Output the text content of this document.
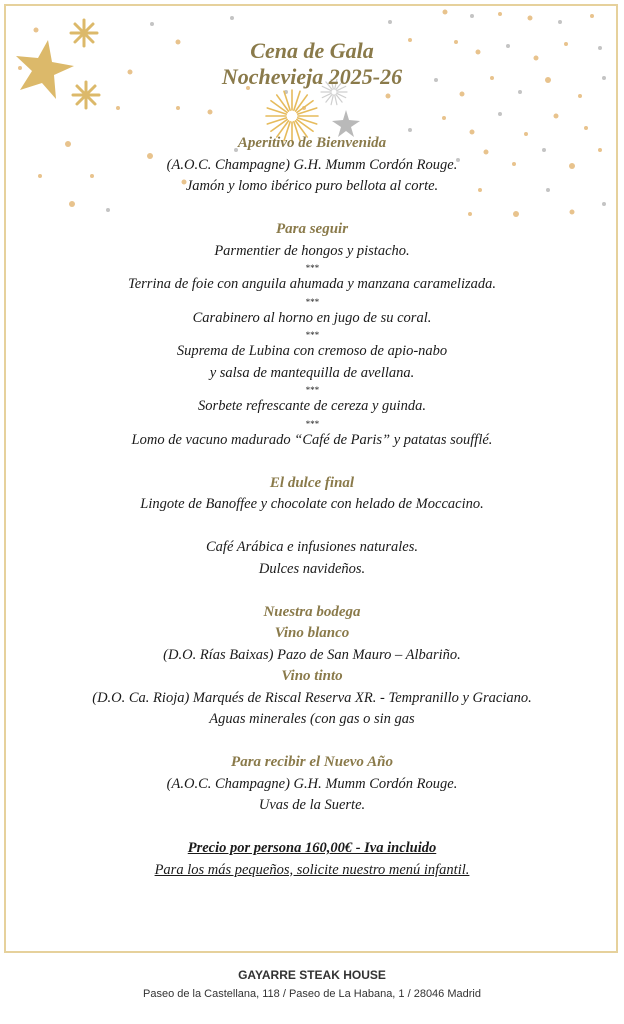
Cena de Gala
Nochevieja 2025-26
Aperitivo de Bienvenida
(A.O.C. Champagne) G.H. Mumm Cordón Rouge.
Jamón y lomo ibérico puro bellota al corte.
Para seguir
Parmentier de hongos y pistacho.
***
Terrina de foie con anguila ahumada y manzana caramelizada.
***
Carabinero al horno en jugo de su coral.
***
Suprema de Lubina con cremoso de apio-nabo
y salsa de mantequilla de avellana.
***
Sorbete refrescante de cereza y guinda.
***
Lomo de vacuno madurado “Café de Paris” y patatas soufflé.
El dulce final
Lingote de Banoffee y chocolate con helado de Moccacino.
Café Arábica e infusiones naturales.
Dulces navideños.
Nuestra bodega
Vino blanco
(D.O. Rías Baixas) Pazo de San Mauro – Albariño.
Vino tinto
(D.O. Ca. Rioja) Marqués de Riscal Reserva XR. - Tempranillo y Graciano.
Aguas minerales (con gas o sin gas
Para recibir el Nuevo Año
(A.O.C. Champagne) G.H. Mumm Cordón Rouge.
Uvas de la Suerte.
Precio por persona 160,00€ - Iva incluido
Para los más pequeños, solicite nuestro menú infantil.
GAYARRE STEAK HOUSE
Paseo de la Castellana, 118 / Paseo de La Habana, 1 / 28046 Madrid
